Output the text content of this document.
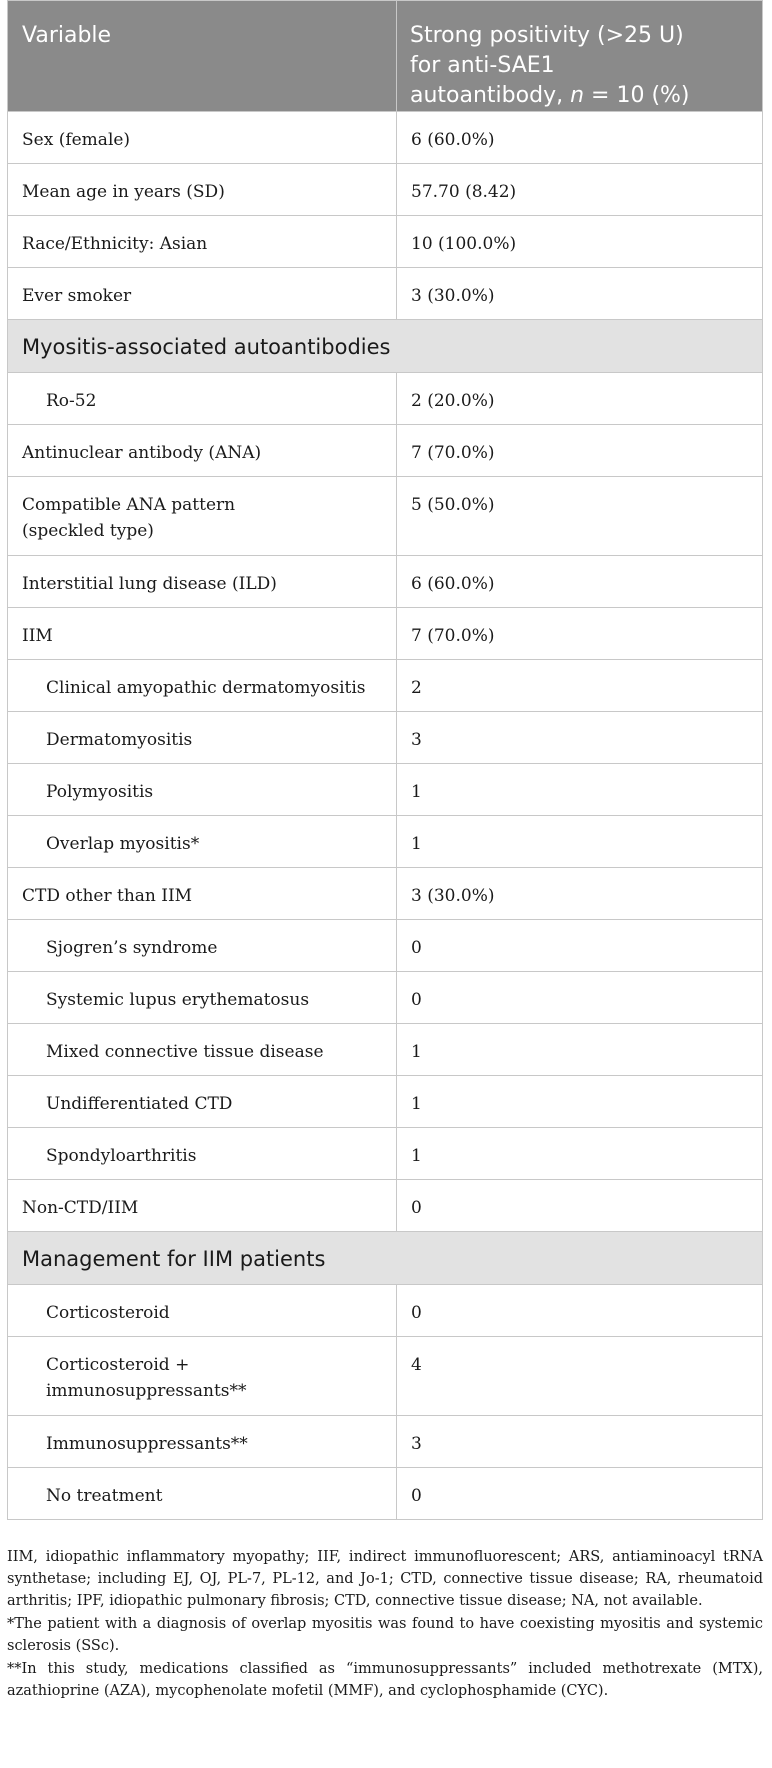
Variable	Strong positivity (>25 U)
for anti-SAE1
autoantibody, n = 10 (%)
Sex (female)	6 (60.0%)
Mean age in years (SD)	57.70 (8.42)
Race/Ethnicity: Asian	10 (100.0%)
Ever smoker	3 (30.0%)
Myositis-associated autoantibodies	
Ro-52	2 (20.0%)
Antinuclear antibody (ANA)	7 (70.0%)
Compatible ANA pattern
(speckled type)	5 (50.0%)
Interstitial lung disease (ILD)	6 (60.0%)
IIM	7 (70.0%)
Clinical amyopathic dermatomyositis	2
Dermatomyositis	3
Polymyositis	1
Overlap myositis*	1
CTD other than IIM	3 (30.0%)
Sjogren’s syndrome	0
Systemic lupus erythematosus	0
Mixed connective tissue disease	1
Undifferentiated CTD	1
Spondyloarthritis	1
Non-CTD/IIM	0
Management for IIM patients	
Corticosteroid	0
Corticosteroid +
immunosuppressants**	4
Immunosuppressants**	3
No treatment	0

IIM, idiopathic inflammatory myopathy; IIF, indirect immunofluorescent; ARS, antiaminoacyl tRNA synthetase; including EJ, OJ, PL-7, PL-12, and Jo-1; CTD, connective tissue disease; RA, rheumatoid arthritis; IPF, idiopathic pulmonary fibrosis; CTD, connective tissue disease; NA, not available.

*The patient with a diagnosis of overlap myositis was found to have coexisting myositis and systemic sclerosis (SSc).

**In this study, medications classified as “immunosuppressants” included methotrexate (MTX), azathioprine (AZA), mycophenolate mofetil (MMF), and cyclophosphamide (CYC).
